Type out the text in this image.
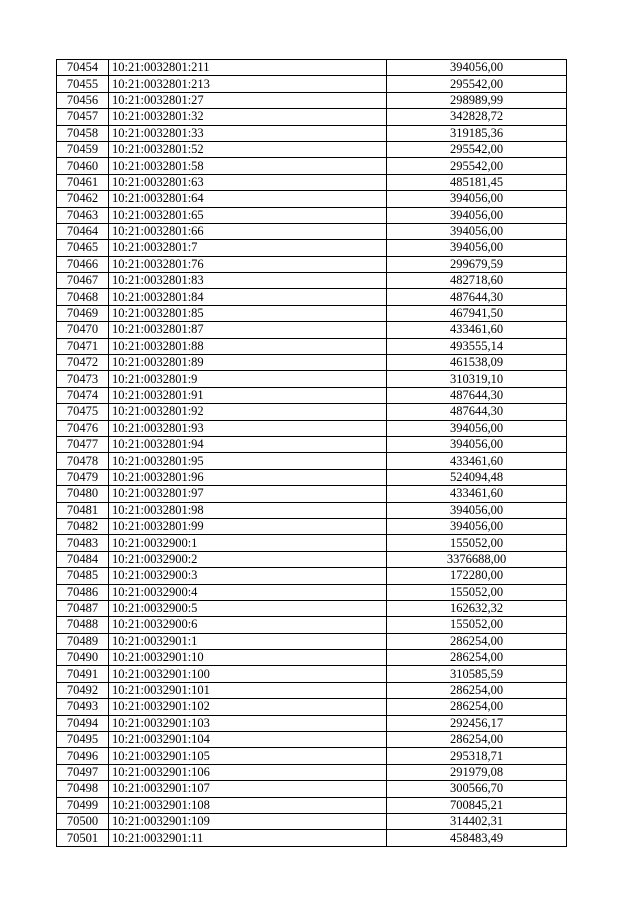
70454	10:21:0032801:211	394056,00
70455	10:21:0032801:213	295542,00
70456	10:21:0032801:27	298989,99
70457	10:21:0032801:32	342828,72
70458	10:21:0032801:33	319185,36
70459	10:21:0032801:52	295542,00
70460	10:21:0032801:58	295542,00
70461	10:21:0032801:63	485181,45
70462	10:21:0032801:64	394056,00
70463	10:21:0032801:65	394056,00
70464	10:21:0032801:66	394056,00
70465	10:21:0032801:7	394056,00
70466	10:21:0032801:76	299679,59
70467	10:21:0032801:83	482718,60
70468	10:21:0032801:84	487644,30
70469	10:21:0032801:85	467941,50
70470	10:21:0032801:87	433461,60
70471	10:21:0032801:88	493555,14
70472	10:21:0032801:89	461538,09
70473	10:21:0032801:9	310319,10
70474	10:21:0032801:91	487644,30
70475	10:21:0032801:92	487644,30
70476	10:21:0032801:93	394056,00
70477	10:21:0032801:94	394056,00
70478	10:21:0032801:95	433461,60
70479	10:21:0032801:96	524094,48
70480	10:21:0032801:97	433461,60
70481	10:21:0032801:98	394056,00
70482	10:21:0032801:99	394056,00
70483	10:21:0032900:1	155052,00
70484	10:21:0032900:2	3376688,00
70485	10:21:0032900:3	172280,00
70486	10:21:0032900:4	155052,00
70487	10:21:0032900:5	162632,32
70488	10:21:0032900:6	155052,00
70489	10:21:0032901:1	286254,00
70490	10:21:0032901:10	286254,00
70491	10:21:0032901:100	310585,59
70492	10:21:0032901:101	286254,00
70493	10:21:0032901:102	286254,00
70494	10:21:0032901:103	292456,17
70495	10:21:0032901:104	286254,00
70496	10:21:0032901:105	295318,71
70497	10:21:0032901:106	291979,08
70498	10:21:0032901:107	300566,70
70499	10:21:0032901:108	700845,21
70500	10:21:0032901:109	314402,31
70501	10:21:0032901:11	458483,49
